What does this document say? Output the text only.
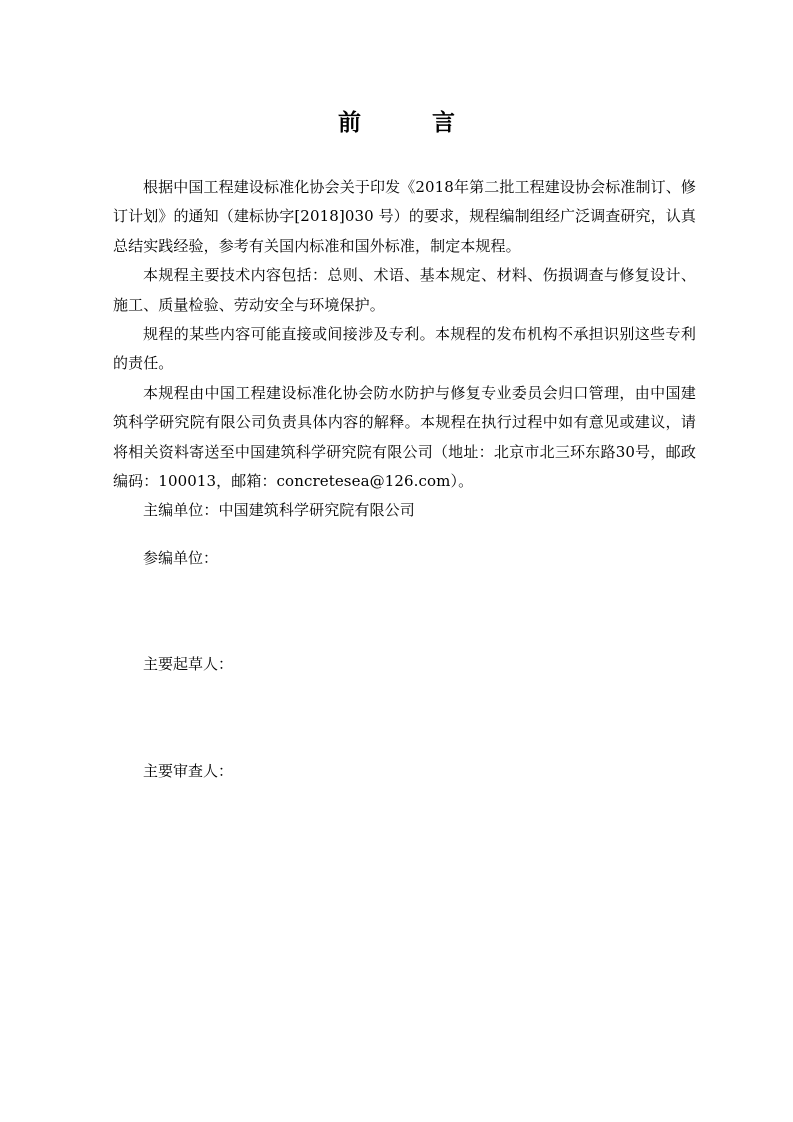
前　言

根据中国工程建设标准化协会关于印发《2018年第二批工程建设协会标准制订、修订计划》的通知（建标协字[2018]030 号）的要求，规程编制组经广泛调查研究，认真总结实践经验，参考有关国内标准和国外标准，制定本规程。

本规程主要技术内容包括：总则、术语、基本规定、材料、伤损调查与修复设计、施工、质量检验、劳动安全与环境保护。

规程的某些内容可能直接或间接涉及专利。本规程的发布机构不承担识别这些专利的责任。

本规程由中国工程建设标准化协会防水防护与修复专业委员会归口管理，由中国建筑科学研究院有限公司负责具体内容的解释。本规程在执行过程中如有意见或建议，请将相关资料寄送至中国建筑科学研究院有限公司（地址：北京市北三环东路30号，邮政编码：100013，邮箱：concretesea@126.com）。

主编单位：中国建筑科学研究院有限公司

参编单位：
主要起草人：
主要审查人：
